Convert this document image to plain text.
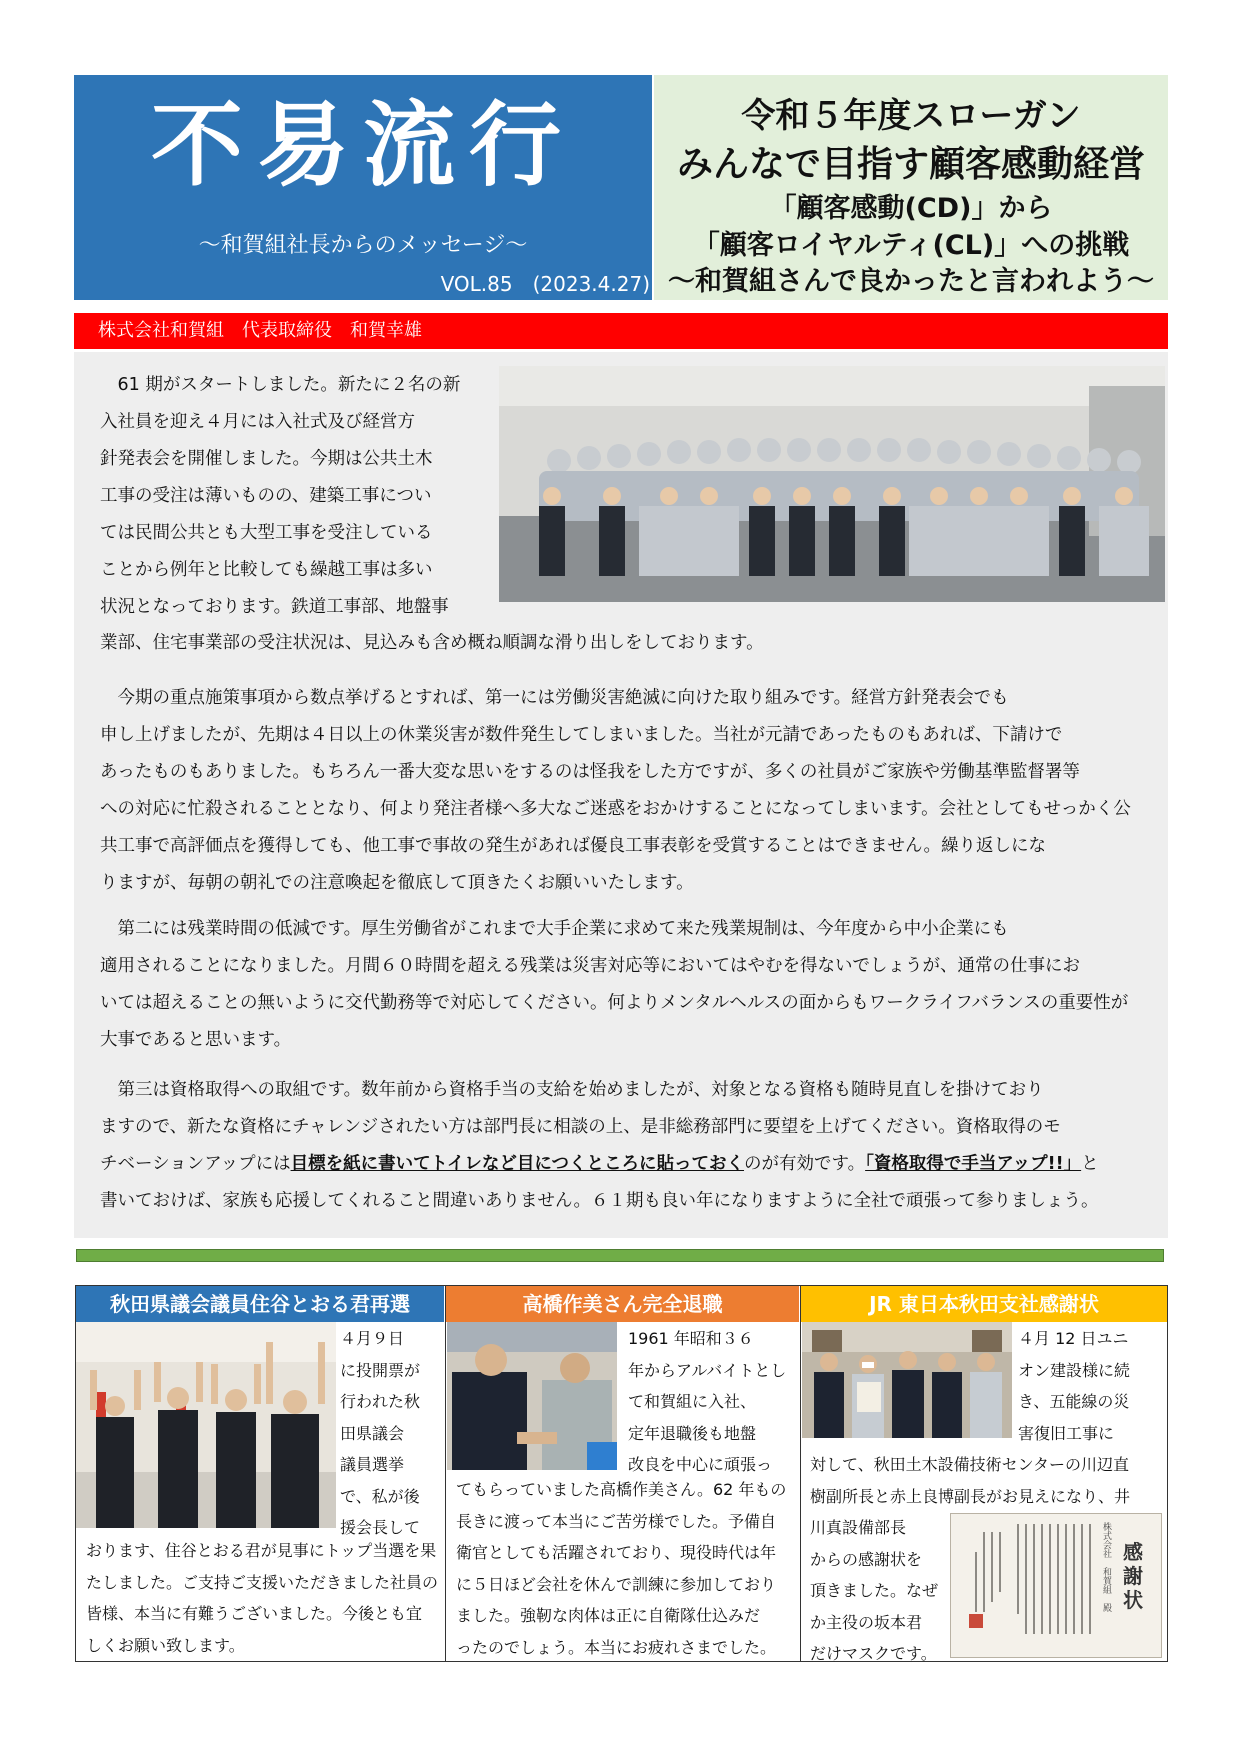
不易流行
～和賀組社長からのメッセージ～
VOL.85　(2023.4.27)
令和５年度スローガン
みんなで目指す顧客感動経営
「顧客感動(CD)」から
「顧客ロイヤルティ(CL)」への挑戦
～和賀組さんで良かったと言われよう～
株式会社和賀組　代表取締役　和賀幸雄
　61 期がスタートしました。新たに２名の新
入社員を迎え４月には入社式及び経営方
針発表会を開催しました。今期は公共土木
工事の受注は薄いものの、建築工事につい
ては民間公共とも大型工事を受注している
ことから例年と比較しても繰越工事は多い
状況となっております。鉄道工事部、地盤事
業部、住宅事業部の受注状況は、見込みも含め概ね順調な滑り出しをしております。
　今期の重点施策事項から数点挙げるとすれば、第一には労働災害絶滅に向けた取り組みです。経営方針発表会でも
申し上げましたが、先期は４日以上の休業災害が数件発生してしまいました。当社が元請であったものもあれば、下請けで
あったものもありました。もちろん一番大変な思いをするのは怪我をした方ですが、多くの社員がご家族や労働基準監督署等
への対応に忙殺されることとなり、何より発注者様へ多大なご迷惑をおかけすることになってしまいます。会社としてもせっかく公
共工事で高評価点を獲得しても、他工事で事故の発生があれば優良工事表彰を受賞することはできません。繰り返しにな
りますが、毎朝の朝礼での注意喚起を徹底して頂きたくお願いいたします。
　第二には残業時間の低減です。厚生労働省がこれまで大手企業に求めて来た残業規制は、今年度から中小企業にも
適用されることになりました。月間６０時間を超える残業は災害対応等においてはやむを得ないでしょうが、通常の仕事にお
いては超えることの無いように交代勤務等で対応してください。何よりメンタルヘルスの面からもワークライフバランスの重要性が
大事であると思います。
　第三は資格取得への取組です。数年前から資格手当の支給を始めましたが、対象となる資格も随時見直しを掛けており
ますので、新たな資格にチャレンジされたい方は部門長に相談の上、是非総務部門に要望を上げてください。資格取得のモ
チベーションアップには目標を紙に書いてトイレなど目につくところに貼っておくのが有効です。「資格取得で手当アップ!!」と
書いておけば、家族も応援してくれること間違いありません。６１期も良い年になりますように全社で頑張って参りましょう。
秋田県議会議員住谷とおる君再選	高橋作美さん完全退職	JR 東日本秋田支社感謝状
４月９日
に投開票が
行われた秋
田県議会
議員選挙
で、私が後
援会長して
おります、住谷とおる君が見事にトップ当選を果
たしました。ご支持ご支援いただきました社員の
皆様、本当に有難うございました。今後とも宜
しくお願い致します。
1961 年昭和３６
年からアルバイトとし
て和賀組に入社、
定年退職後も地盤
改良を中心に頑張っ
てもらっていました高橋作美さん。62 年もの
長きに渡って本当にご苦労様でした。予備自
衛官としても活躍されており、現役時代は年
に５日ほど会社を休んで訓練に参加しており
ました。強靭な肉体は正に自衛隊仕込みだ
ったのでしょう。本当にお疲れさまでした。
４月 12 日ユニ
オン建設様に続
き、五能線の災
害復旧工事に
対して、秋田土木設備技術センターの川辺直
樹副所長と赤上良博副長がお見えになり、井
川真設備部長
からの感謝状を
頂きました。なぜ
か主役の坂本君
だけマスクです。
感謝状
株式会社　和賀組　殿
